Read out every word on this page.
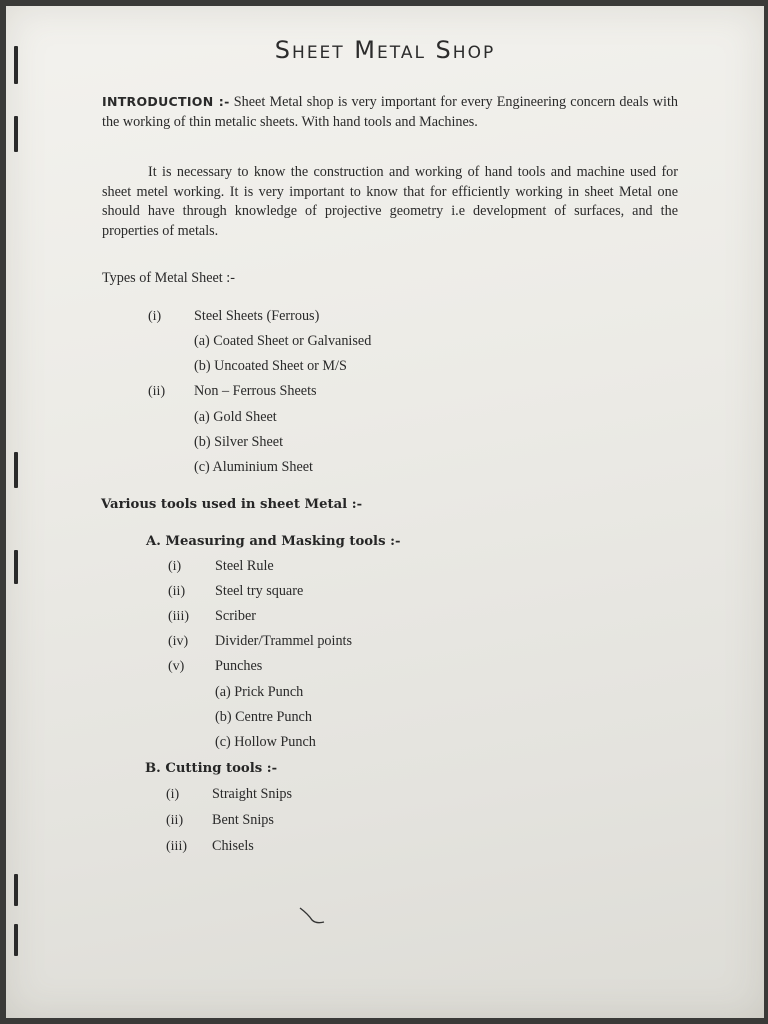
Sheet Metal Shop
INTRODUCTION :- Sheet Metal shop is very important for every Engineering concern deals with the working of thin metalic sheets. With hand tools and Machines.
It is necessary to know the construction and working of hand tools and machine used for sheet metel working. It is very important to know that for efficiently working in sheet Metal one should have through knowledge of projective geometry i.e development of surfaces, and the properties of metals.
Types of Metal Sheet :-
(i) Steel Sheets (Ferrous)
(a) Coated Sheet or Galvanised
(b) Uncoated Sheet or M/S
(ii) Non – Ferrous Sheets
(a) Gold Sheet
(b) Silver Sheet
(c) Aluminium Sheet
Various tools used in sheet Metal :-
A. Measuring and Masking tools :-
(i) Steel Rule
(ii) Steel try square
(iii) Scriber
(iv) Divider/Trammel points
(v) Punches
(a) Prick Punch
(b) Centre Punch
(c) Hollow Punch
B. Cutting tools :-
(i) Straight Snips
(ii) Bent Snips
(iii) Chisels
